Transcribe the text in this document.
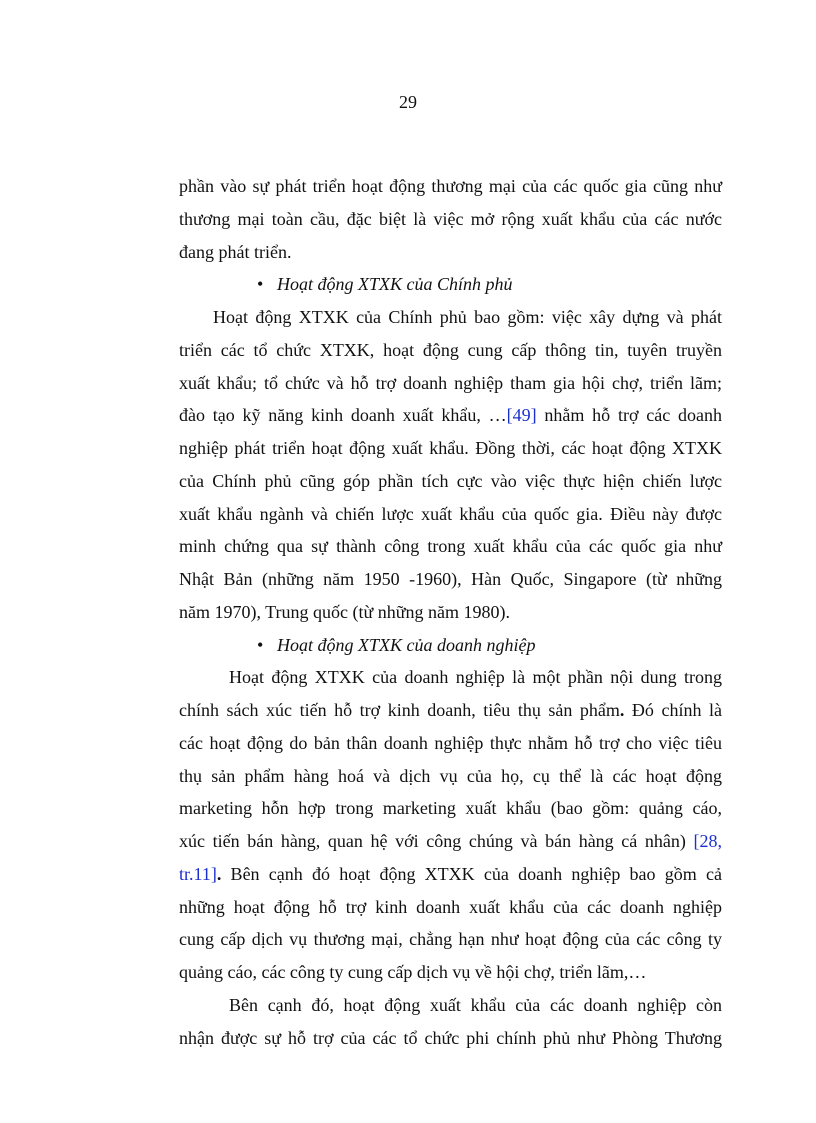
29
phần vào sự phát triển hoạt động thương mại của các quốc gia cũng như
thương mại toàn cầu, đặc biệt là việc mở rộng xuất khẩu của các nước
đang phát triển.
• Hoạt động XTXK của Chính phủ
Hoạt động XTXK của Chính phủ bao gồm: việc xây dựng và phát
triển các tổ chức XTXK, hoạt động cung cấp thông tin, tuyên truyền
xuất khẩu; tổ chức và hỗ trợ doanh nghiệp tham gia hội chợ, triển lãm;
đào tạo kỹ năng kinh doanh xuất khẩu, …[49] nhằm hỗ trợ các doanh
nghiệp phát triển hoạt động xuất khẩu. Đồng thời, các hoạt động XTXK
của Chính phủ cũng góp phần tích cực vào việc thực hiện chiến lược
xuất khẩu ngành và chiến lược xuất khẩu của quốc gia. Điều này được
minh chứng qua sự thành công trong xuất khẩu của các quốc gia như
Nhật Bản (những năm 1950 -1960), Hàn Quốc, Singapore (từ những
năm 1970), Trung quốc (từ những năm 1980).
• Hoạt động XTXK của doanh nghiệp
Hoạt động XTXK của doanh nghiệp là một phần nội dung trong
chính sách xúc tiến hỗ trợ kinh doanh, tiêu thụ sản phẩm. Đó chính là
các hoạt động do bản thân doanh nghiệp thực nhằm hỗ trợ cho việc tiêu
thụ sản phẩm hàng hoá và dịch vụ của họ, cụ thể là các hoạt động
marketing hỗn hợp trong marketing xuất khẩu (bao gồm: quảng cáo,
xúc tiến bán hàng, quan hệ với công chúng và bán hàng cá nhân) [28,
tr.11]. Bên cạnh đó hoạt động XTXK của doanh nghiệp bao gồm cả
những hoạt động hỗ trợ kinh doanh xuất khẩu của các doanh nghiệp
cung cấp dịch vụ thương mại, chẳng hạn như hoạt động của các công ty
quảng cáo, các công ty cung cấp dịch vụ về hội chợ, triển lãm,…
Bên cạnh đó, hoạt động xuất khẩu của các doanh nghiệp còn
nhận được sự hỗ trợ của các tổ chức phi chính phủ như Phòng Thương
